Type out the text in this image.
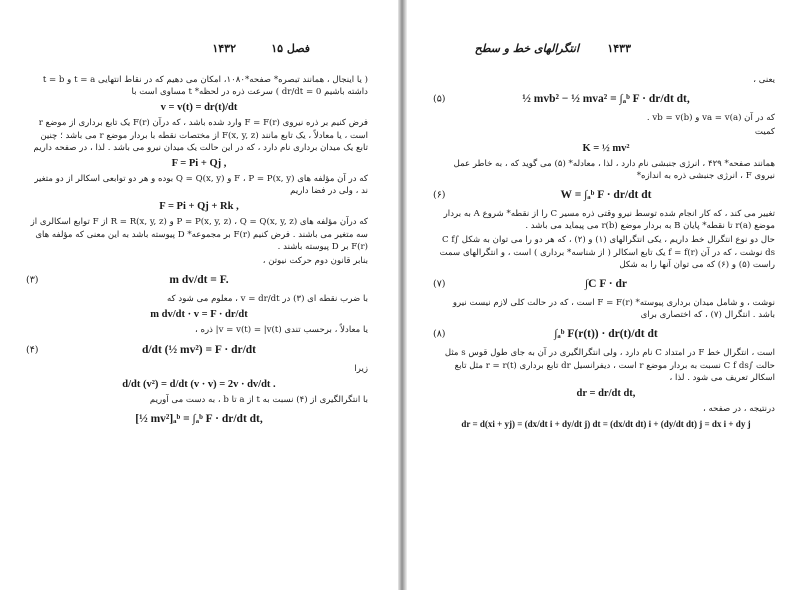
۱۴۳۲	فصل ۱۵

( یا اینجال ، همانند تبصره* صفحه*۱۰۸۰، امکان می دهیم که در نقاط انتهایی t = a و t = b داشته باشیم dr/dt = 0 ) سرعت ذره در لحظه* t مساوی است با

v = v(t) = dr(t)/dt

فرض کنیم بر ذره نیروی F = F(r) وارد شده باشد ، که درآن F(r) یک تابع برداری از موضع r است ، یا معادلاً ، یک تابع مانند F(x, y, z) از مختصات نقطه با بردار موضع r می باشد ؛ چنین تابع یک میدان برداری نام دارد ، که در این حالت یک میدان نیرو می باشد . لذا ، در صفحه داریم

F = Pi + Qj ,

که در آن مؤلفه های F ، P = P(x, y) و Q = Q(x, y) بوده و هر دو توابعی اسکالر از دو متغیر ند ، ولی در فضا داریم

F = Pi + Qj + Rk ,

که درآن مؤلفه های P = P(x, y, z) ، Q = Q(x, y, z) و R = R(x, y, z) از F توابع اسکالری از سه متغیر می باشند . فرض کنیم F(r) بر مجموعه* D پیوسته باشد به این معنی که مؤلفه های F(r) بر D پیوسته باشند .

بنابر قانون دوم حرکت نیوتن ،

m dv/dt = F.
(۳)

با ضرب نقطه ای (۳) در v = dr/dt ، معلوم می شود که

m dv/dt · v = F · dr/dt

یا معادلاً ، برحسب تندی v = v(t) = |v(t)| ذره ،

d/dt (½ mv²) = F · dr/dt
(۴)

زیرا

d/dt (v²) = d/dt (v · v) = 2v · dv/dt .

با انتگرالگیری از (۴) نسبت به t از a تا b ، به دست می آوریم

[½ mv²]ₐᵇ = ∫ₐᵇ F · dr/dt dt,
انتگرالهای خط و سطح	۱۴۳۳

یعنی ،

½ mvb² − ½ mva² = ∫ₐᵇ F · dr/dt dt,
(۵)

که در آن va = v(a) و vb = v(b) .

کمیت

K = ½ mv²

همانند صفحه* ۴۲۹ ، انرژی جنبشی نام دارد ، لذا ، معادله* (۵) می گوید که ، به خاطر عمل نیروی F ، انرژی جنبشی ذره به اندازه*

W = ∫ₐᵇ F · dr/dt dt
(۶)

تغییر می کند ، که کار انجام شده توسط نیرو وقتی ذره مسیر C را از نقطه* شروع A به بردار موضع r(a) تا نقطه* پایان B به بردار موضع r(b) می پیماید می باشد .

حال دو نوع انتگرال خط داریم ، یکی انتگرالهای (۱) و (۲) ، که هر دو را می توان به شکل ∫C f ds نوشت ، که در آن f = f(r) یک تابع اسکالر ( از شناسه* برداری ) است ، و انتگرالهای سمت راست (۵) و (۶) که می توان آنها را به شکل

∫C F · dr
(۷)

نوشت ، و شامل میدان برداری پیوسته* F = F(r) است ، که در حالت کلی لازم نیست نیرو باشد . انتگرال (۷) ، که اختصاری برای

∫ₐᵇ F(r(t)) · dr(t)/dt dt
(۸)

است ، انتگرال خط F در امتداد C نام دارد ، ولی انتگرالگیری در آن به جای طول قوس s مثل حالت ∫C f ds نسبت به بردار موضع r است ، دیفرانسیل dr تابع برداری r = r(t) مثل تابع اسکالر تعریف می شود . لذا ،

dr = dr/dt dt,

درنتیجه ، در صفحه ،

dr = d(xi + yj) = (dx/dt i + dy/dt j) dt = (dx/dt dt) i + (dy/dt dt) j = dx i + dy j
